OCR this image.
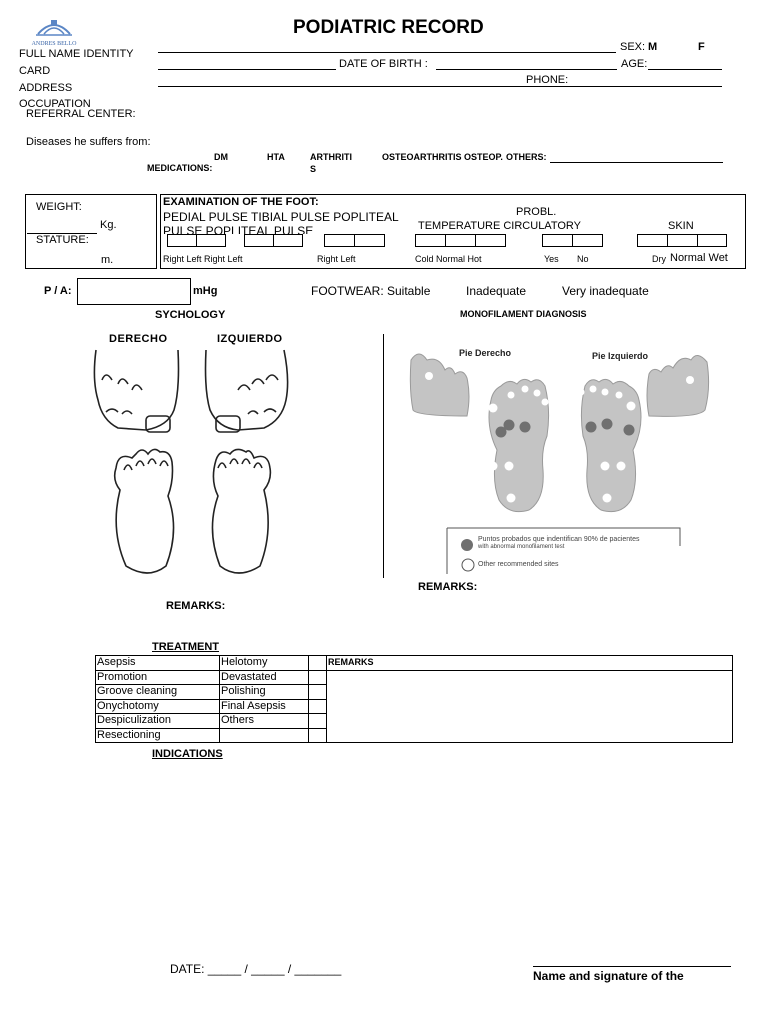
ANDRES BELLO
PODIATRIC RECORD
FULL NAME IDENTITY
CARD
ADDRESS
OCCUPATION
REFERRAL CENTER:
SEX: M	F
DATE OF BIRTH :	AGE:
PHONE:
Diseases he suffers from:
DM	HTA	ARTHRITI
S
OSTEOARTHRITIS OSTEOP. OTHERS:
MEDICATIONS:
WEIGHT:
Kg.
STATURE:
m.
EXAMINATION OF THE FOOT:
PEDIAL PULSE TIBIAL PULSE POPLITEAL
PULSE POPLITEAL PULSE
PROBL.
TEMPERATURE CIRCULATORY	SKIN
Right Left Right Left	Right Left	Cold Normal Hot	Yes No	Dry Normal Wet
P / A:	mHg	FOOTWEAR: Suitable	Inadequate	Very inadequate
SYCHOLOGY	MONOFILAMENT DIAGNOSIS
DERECHO	IZQUIERDO
Pie Derecho	Pie Izquierdo
Puntos probados que indentifican 90% de pacientes
with abnormal monofilament test
Other recommended sites
REMARKS:
REMARKS:
TREATMENT
Asepsis	Helotomy		REMARKS
Promotion	Devastated		
Groove cleaning	Polishing		
Onychotomy	Final Asepsis		
Despiculization	Others		
Resectioning			
INDICATIONS
DATE: _____ / _____ / _______	Name and signature of the
